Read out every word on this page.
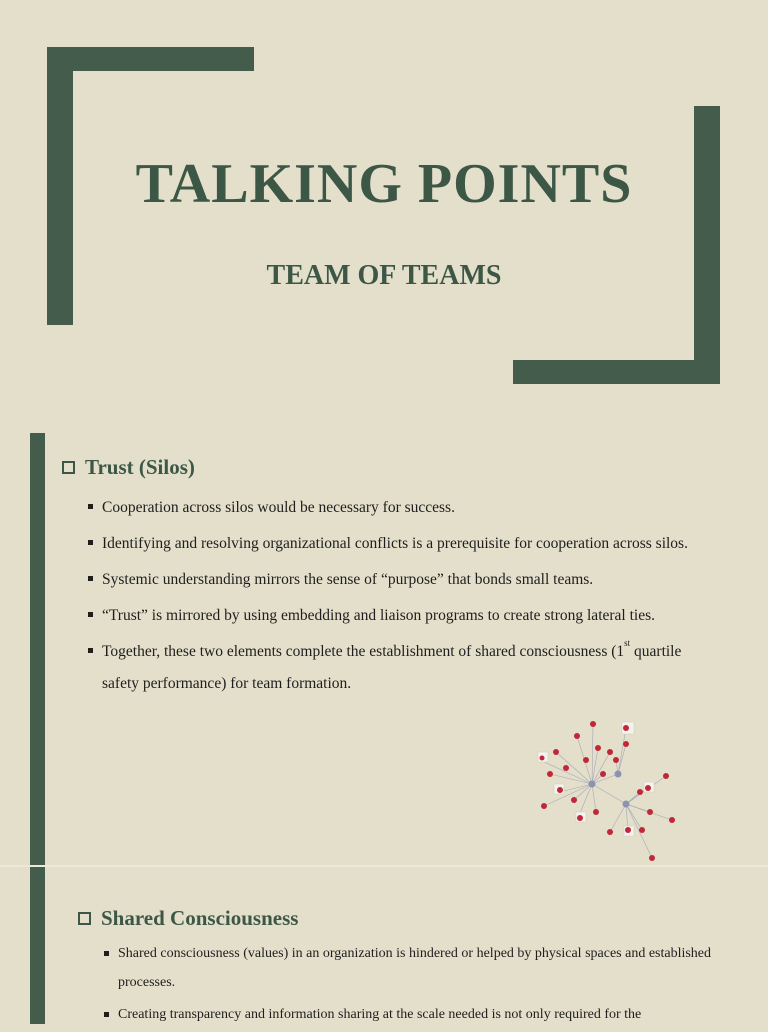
TALKING POINTS
TEAM OF TEAMS
Trust (Silos)
Cooperation across silos would be necessary for success.
Identifying and resolving organizational conflicts is a prerequisite for cooperation across silos.
Systemic understanding mirrors the sense of “purpose” that bonds small teams.
“Trust” is mirrored by using embedding and liaison programs to create strong lateral ties.
Together, these two elements complete the establishment of shared consciousness (1st quartile safety performance) for team formation.
Shared Consciousness
Shared consciousness (values) in an organization is hindered or helped by physical spaces and established processes.
Creating transparency and information sharing at the scale needed is not only required for the
